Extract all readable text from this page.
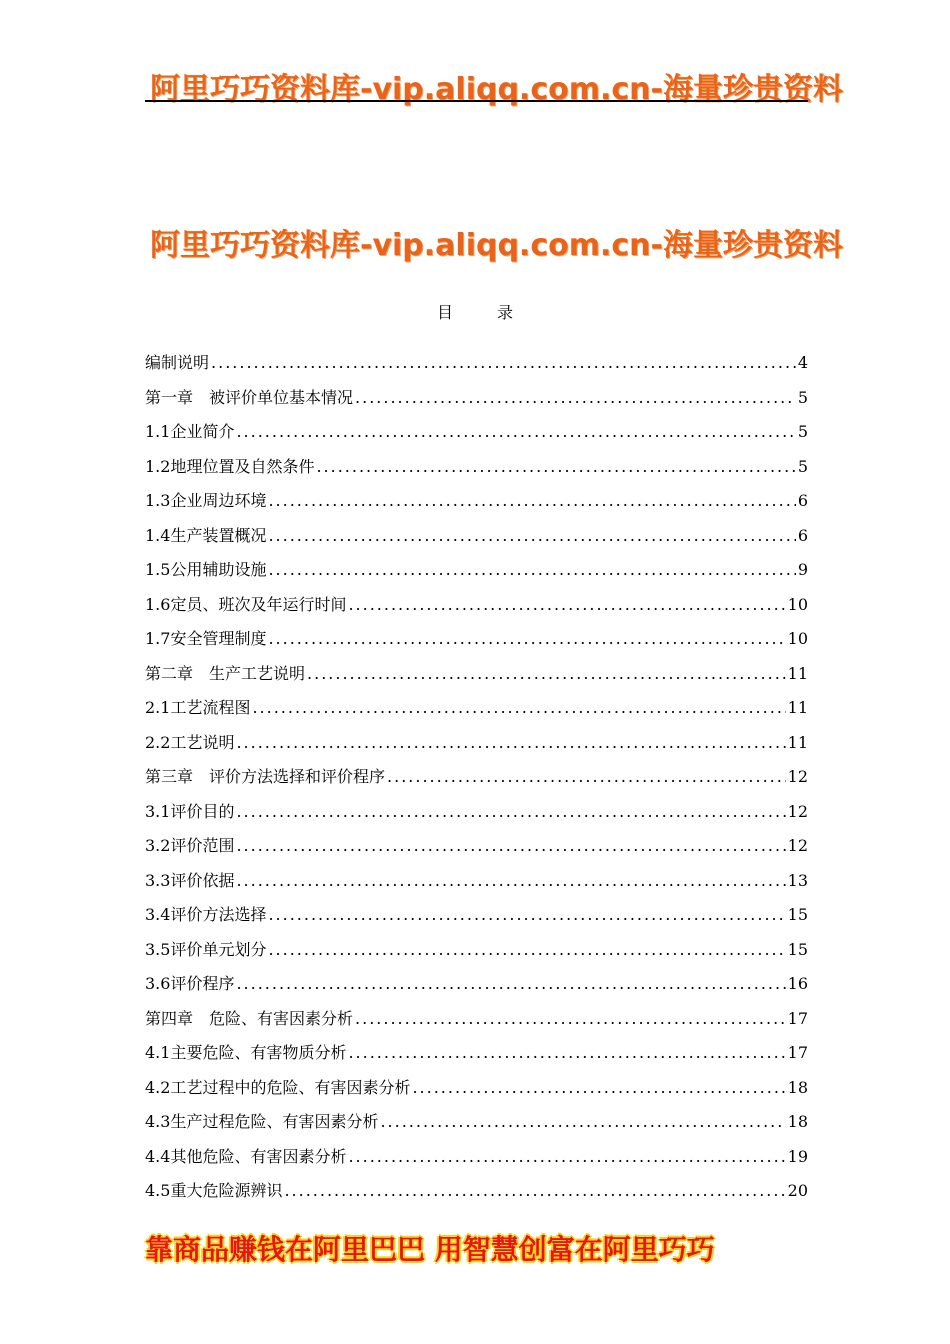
阿里巧巧资料库-vip.aliqq.com.cn-海量珍贵资料
阿里巧巧资料库-vip.aliqq.com.cn-海量珍贵资料
目	录
编制说明 .....	4
第一章　被评价单位基本情况 .....	5
1.1企业简介 .....	5
1.2地理位置及自然条件 .....	5
1.3企业周边环境 .....	6
1.4生产装置概况 .....	6
1.5公用辅助设施 .....	9
1.6定员、班次及年运行时间 .....	10
1.7安全管理制度 .....	10
第二章　生产工艺说明 .....	11
2.1工艺流程图 .....	11
2.2工艺说明 .....	11
第三章　评价方法选择和评价程序 .....	12
3.1评价目的 .....	12
3.2评价范围 .....	12
3.3评价依据 .....	13
3.4评价方法选择 .....	15
3.5评价单元划分 .....	15
3.6评价程序 .....	16
第四章　危险、有害因素分析 .....	17
4.1主要危险、有害物质分析 .....	17
4.2工艺过程中的危险、有害因素分析 .....	18
4.3生产过程危险、有害因素分析 .....	18
4.4其他危险、有害因素分析 .....	19
4.5重大危险源辨识 .....	20
靠商品赚钱在阿里巴巴 用智慧创富在阿里巧巧
